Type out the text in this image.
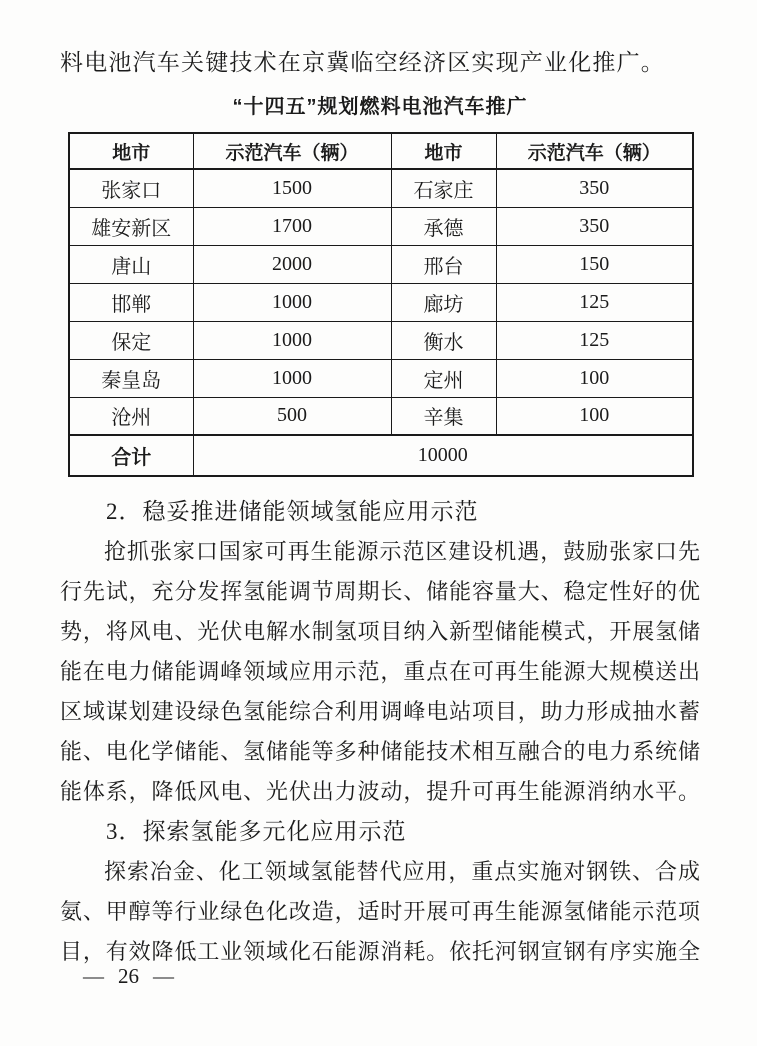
料电池汽车关键技术在京冀临空经济区实现产业化推广。

“十四五”规划燃料电池汽车推广
地市	示范汽车（辆）	地市	示范汽车（辆）
张家口	1500	石家庄	350
雄安新区	1700	承德	350
唐山	2000	邢台	150
邯郸	1000	廊坊	125
保定	1000	衡水	125
秦皇岛	1000	定州	100
沧州	500	辛集	100
合计	10000		

2．稳妥推进储能领域氢能应用示范

抢抓张家口国家可再生能源示范区建设机遇，鼓励张家口先
行先试，充分发挥氢能调节周期长、储能容量大、稳定性好的优
势，将风电、光伏电解水制氢项目纳入新型储能模式，开展氢储
能在电力储能调峰领域应用示范，重点在可再生能源大规模送出
区域谋划建设绿色氢能综合利用调峰电站项目，助力形成抽水蓄
能、电化学储能、氢储能等多种储能技术相互融合的电力系统储
能体系，降低风电、光伏出力波动，提升可再生能源消纳水平。

3．探索氢能多元化应用示范

探索冶金、化工领域氢能替代应用，重点实施对钢铁、合成
氨、甲醇等行业绿色化改造，适时开展可再生能源氢储能示范项
目，有效降低工业领域化石能源消耗。依托河钢宣钢有序实施全
— 26 —
